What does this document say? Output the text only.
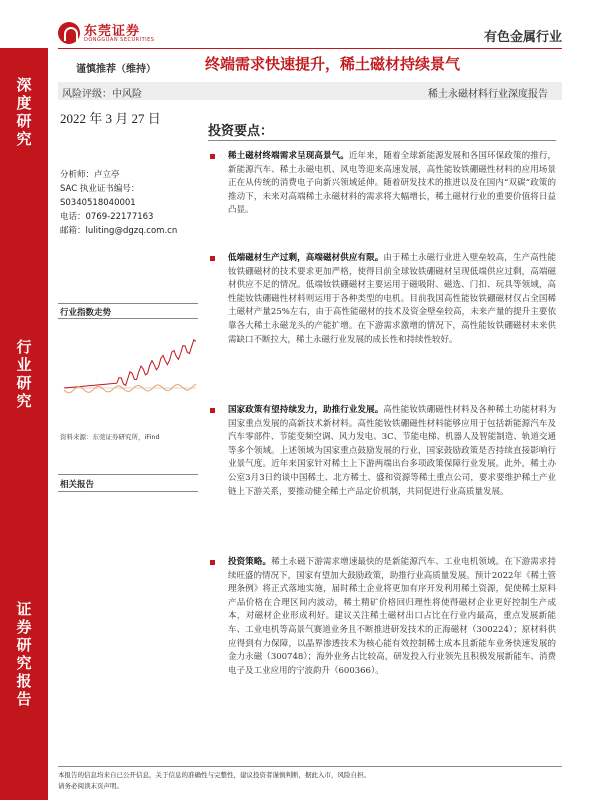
东莞证券
DONGGUAN SECURITIES	有色金属行业
深
度
研
究
行
业
研
究
证
券
研
究
报
告
谨慎推荐（维持）	终端需求快速提升，稀土磁材持续景气
风险评级：中风险	稀土永磁材料行业深度报告
2022 年 3 月 27 日
分析师：卢立亭
SAC 执业证书编号：
S0340518040001
电话：0769-22177163
邮箱：luliting@dgzq.com.cn
行业指数走势
资料来源：东莞证券研究所，iFind
相关报告
投资要点：
稀土磁材终端需求呈现高景气。近年来，随着全球新能源发展和各国环保政策的推行，新能源汽车、稀土永磁电机、风电等迎来高速发展，高性能钕铁硼磁性材料的应用场景正在从传统的消费电子向新兴领域延伸。随着研发技术的推进以及在国内“双碳”政策的推动下，未来对高端稀土永磁材料的需求将大幅增长，稀土磁材行业的重要价值将日益凸显。
低端磁材生产过剩，高端磁材供应有限。由于稀土永磁行业进入壁垒较高，生产高性能钕铁硼磁材的技术要求更加严格，使得目前全球钕铁硼磁材呈现低端供应过剩，高端磁材供应不足的情况。低端钕铁硼磁材主要运用于磁吸附、磁选、门扣、玩具等领域，高性能钕铁硼磁性材料则运用于各种类型的电机。目前我国高性能钕铁硼磁材仅占全国稀土磁材产量25%左右，由于高性能磁材的技术及资金壁垒较高，未来产量的提升主要依靠各大稀土永磁龙头的产能扩增。在下游需求激增的情况下，高性能钕铁硼磁材未来供需缺口不断拉大，稀土永磁行业发展的成长性和持续性较好。
国家政策有望持续发力，助推行业发展。高性能钕铁硼磁性材料及各种稀土功能材料为国家重点发展的高新技术新材料。高性能钕铁硼磁性材料能够应用于包括新能源汽车及汽车零部件、节能变频空调、风力发电、3C、节能电梯、机器人及智能制造、轨道交通等多个领域。上述领域为国家重点鼓励发展的行业，国家鼓励政策是否持续直接影响行业景气度。近年来国家针对稀土上下游两端出台多项政策保障行业发展。此外，稀土办公室3月3日约谈中国稀土、北方稀土、盛和资源等稀土重点公司，要求要维护稀土产业链上下游关系，要推动健全稀土产品定价机制，共同促进行业高质量发展。
投资策略。稀土永磁下游需求增速最快的是新能源汽车、工业电机领域。在下游需求持续旺盛的情况下，国家有望加大鼓励政策，助推行业高质量发展。预计2022年《稀土管理条例》将正式落地实施，届时稀土企业将更加有序开发利用稀土资源，促使稀土原料产品价格在合理区间内波动，稀土精矿价格回归理性将使得磁材企业更好控制生产成本，对磁材企业形成利好。建议关注稀土磁材出口占比在行业内最高，重点发展新能车、工业电机等高景气赛道业务且不断推进研发技术的正海磁材（300224）；原材料供应得到有力保障，以晶界渗透技术为核心能有效控制稀土成本且新能车业务快速发展的金力永磁（300748）；海外业务占比较高，研发投入行业领先且积极发展新能车、消费电子及工业应用的宁波韵升（600366）。
本报告的信息均来自已公开信息，关于信息的准确性与完整性，建议投资者谨慎判断，据此入市，风险自担。
请务必阅读末页声明。
